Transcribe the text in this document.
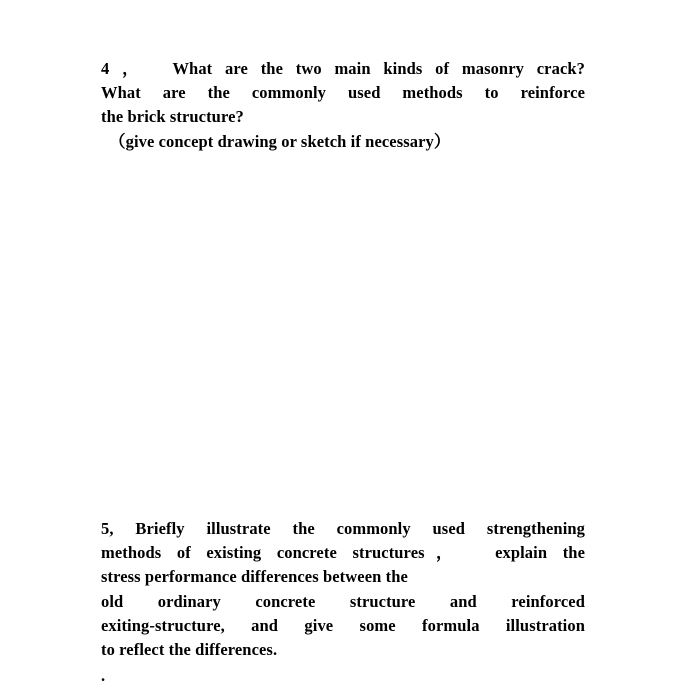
4 ，  What are the two main kinds of masonry crack?
What are the commonly used methods to reinforce
the brick structure?
（give concept drawing or sketch if necessary）

5, Briefly illustrate the commonly used strengthening
methods of existing concrete structures，  explain the
stress performance differences between the
old ordinary concrete structure and reinforced
exiting-structure, and give some formula illustration
to reflect the differences.

.
